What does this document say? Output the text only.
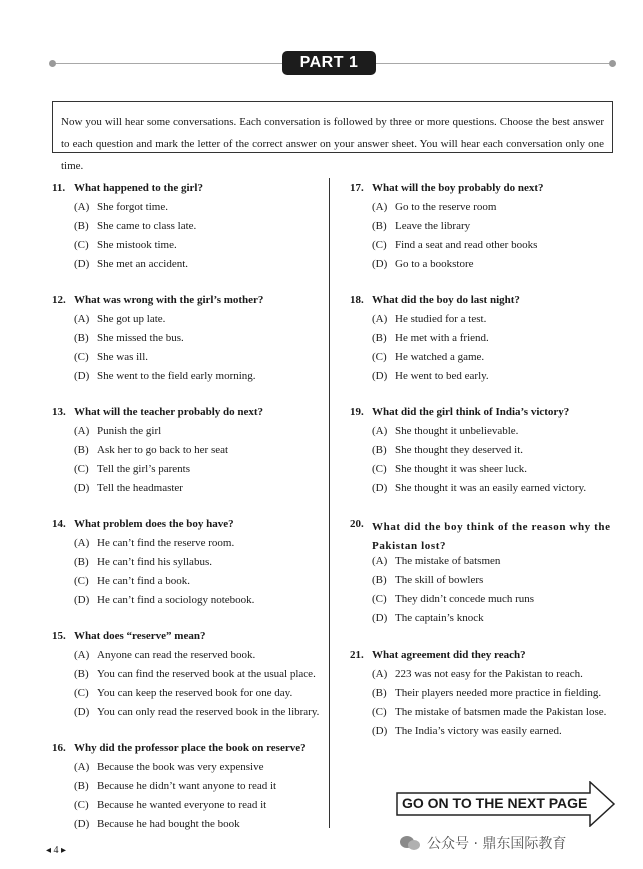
PART 1
Now you will hear some conversations. Each conversation is followed by three or more questions. Choose the best answer to each question and mark the letter of the correct answer on your answer sheet. You will hear each conversation only one time.
11. What happened to the girl?
(A) She forgot time.
(B) She came to class late.
(C) She mistook time.
(D) She met an accident.
12. What was wrong with the girl’s mother?
(A) She got up late.
(B) She missed the bus.
(C) She was ill.
(D) She went to the field early morning.
13. What will the teacher probably do next?
(A) Punish the girl
(B) Ask her to go back to her seat
(C) Tell the girl’s parents
(D) Tell the headmaster
14. What problem does the boy have?
(A) He can’t find the reserve room.
(B) He can’t find his syllabus.
(C) He can’t find a book.
(D) He can’t find a sociology notebook.
15. What does “reserve” mean?
(A) Anyone can read the reserved book.
(B) You can find the reserved book at the usual place.
(C) You can keep the reserved book for one day.
(D) You can only read the reserved book in the library.
16. Why did the professor place the book on reserve?
(A) Because the book was very expensive
(B) Because he didn’t want anyone to read it
(C) Because he wanted everyone to read it
(D) Because he had bought the book
17. What will the boy probably do next?
(A) Go to the reserve room
(B) Leave the library
(C) Find a seat and read other books
(D) Go to a bookstore
18. What did the boy do last night?
(A) He studied for a test.
(B) He met with a friend.
(C) He watched a game.
(D) He went to bed early.
19. What did the girl think of India’s victory?
(A) She thought it unbelievable.
(B) She thought they deserved it.
(C) She thought it was sheer luck.
(D) She thought it was an easily earned victory.
20. What did the boy think of the reason why the Pakistan lost?
(A) The mistake of batsmen
(B) The skill of bowlers
(C) They didn’t concede much runs
(D) The captain’s knock
21. What agreement did they reach?
(A) 223 was not easy for the Pakistan to reach.
(B) Their players needed more practice in fielding.
(C) The mistake of batsmen made the Pakistan lose.
(D) The India’s victory was easily earned.
GO ON TO THE NEXT PAGE
◂ 4 ▸	公众号 · 鼎东国际教育
